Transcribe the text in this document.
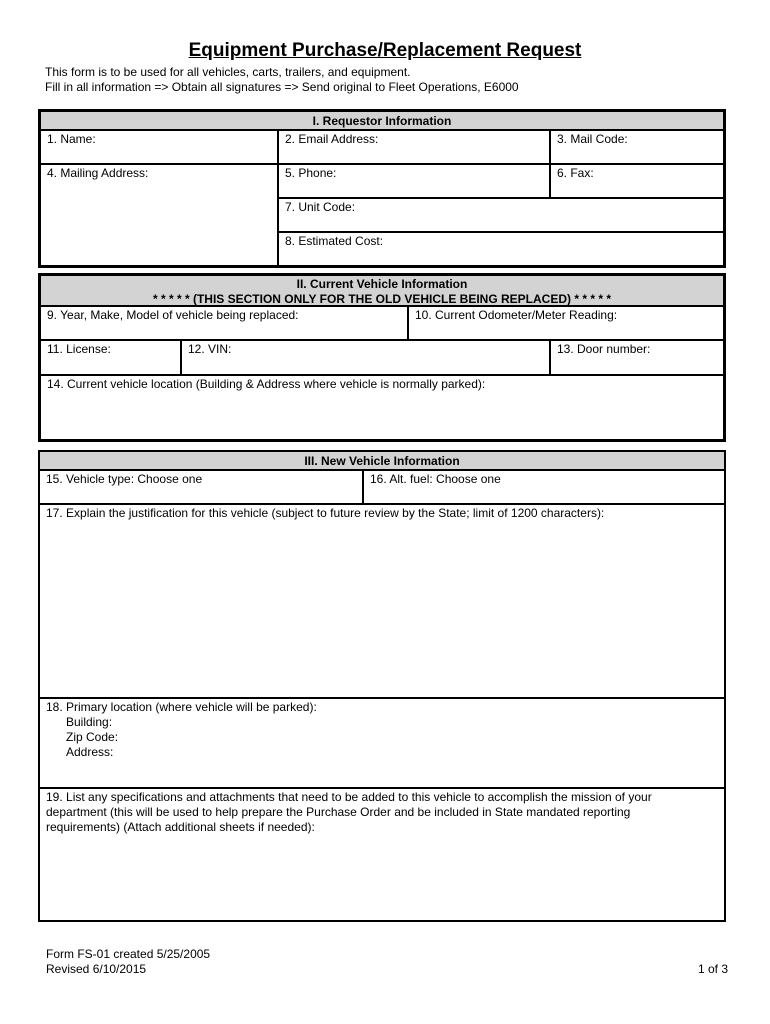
Equipment Purchase/Replacement Request
This form is to be used for all vehicles, carts, trailers, and equipment.
Fill in all information => Obtain all signatures => Send original to Fleet Operations, E6000
I. Requestor Information
1. Name:	2. Email Address:	3. Mail Code:
4. Mailing Address:	5. Phone:	6. Fax:
7. Unit Code:
8. Estimated Cost:
II. Current Vehicle Information
* * * * * (THIS SECTION ONLY FOR THE OLD VEHICLE BEING REPLACED) * * * * *
9. Year, Make, Model of vehicle being replaced:	10. Current Odometer/Meter Reading:
11. License:	12. VIN:	13. Door number:
14. Current vehicle location (Building & Address where vehicle is normally parked):
III. New Vehicle Information
15. Vehicle type: Choose one	16. Alt. fuel: Choose one
17. Explain the justification for this vehicle (subject to future review by the State; limit of 1200 characters):
18. Primary location (where vehicle will be parked):
Building:
Zip Code:
Address:
19. List any specifications and attachments that need to be added to this vehicle to accomplish the mission of your
department (this will be used to help prepare the Purchase Order and be included in State mandated reporting
requirements) (Attach additional sheets if needed):
Form FS-01 created 5/25/2005
Revised 6/10/2015	1 of 3
